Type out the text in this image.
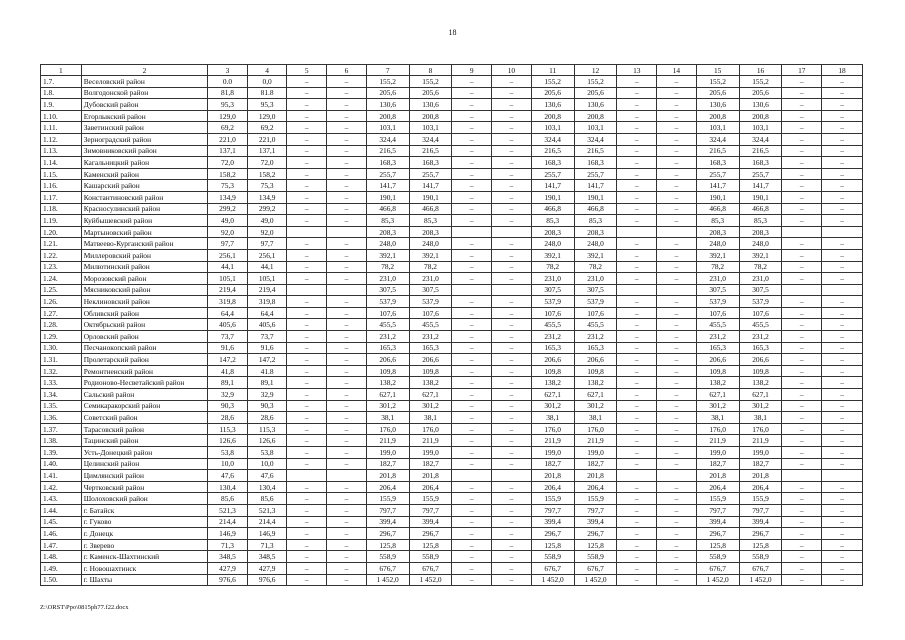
18
1	2	3	4	5	6	7	8	9	10	11	12	13	14	15	16	17	18
1.7.	Веселовский район	0.0	0,0	–	–	155,2	155,2	–	–	155,2	155,2	–	–	155,2	155,2	–	–
1.8.	Волгодонской район	81,8	81.8	–	–	205,6	205,6	–	–	205,6	205,6	–	–	205,6	205,6	–	–
1.9.	Дубовский район	95,3	95,3	–	–	130,6	130,6	–	–	130,6	130,6	–	–	130,6	130,6	–	–
1.10.	Егорлыкский район	129,0	129,0	–	–	200,8	200,8	–	–	200,8	200,8	–	–	200,8	200,8	–	–
1.11.	Заветинский район	69,2	69,2	–	–	103,1	103,1	–	–	103,1	103,1	–	–	103,1	103,1	–	–
1.12.	Зерноградский район	221,0	221,0	–	–	324,4	324,4	–	–	324,4	324,4	–	–	324,4	324,4	–	–
1.13.	Зимовниковский район	137,1	137,1	–	–	216,5	216,5	–	–	216,5	216,5	–	–	216,5	216,5	–	–
1.14.	Кагальницкий район	72,0	72,0	–	–	168,3	168,3	–	–	168,3	168,3	–	–	168,3	168,3	–	–
1.15.	Каменский район	158,2	158,2	–	–	255,7	255,7	–	–	255,7	255,7	–	–	255,7	255,7	–	–
1.16.	Кашарский район	75,3	75,3	–	–	141,7	141,7	–	–	141,7	141,7	–	–	141,7	141,7	–	–
1.17.	Константиновский район	134,9	134,9	–	–	190,1	190,1	–	–	190,1	190,1	–	–	190,1	190,1	–	–
1.18.	Красносулинский район	299,2	299,2	–	–	466,8	466,8	–	–	466,8	466,8	–	–	466,8	466,8	–	–
1.19.	Куйбышевский район	49,0	49,0	–	–	85,3	85,3	–	–	85,3	85,3	–	–	85,3	85,3	–	–
1.20.	Мартыновский район	92,0	92,0			208,3	208,3			208,3	208,3			208,3	208,3		
1.21.	Матвеево-Курганский район	97,7	97,7	–	–	248,0	248,0	–	–	248,0	248,0	–	–	248,0	248,0	–	–
1.22.	Миллеровский район	256,1	256,1	–	–	392,1	392,1	–	–	392,1	392,1	–	–	392,1	392,1	–	–
1.23.	Милютинский район	44,1	44,1	–	–	78,2	78,2	–	–	78,2	78,2	–	–	78,2	78,2	–	–
1.24.	Морозовский район	105,1	105,1	–	–	231,0	231,0	–	–	231,0	231,0	–	–	231,0	231,0	–	–
1.25.	Мясниковский район	219,4	219,4			307,5	307,5			307,5	307,5			307,5	307,5		
1.26.	Неклиновский район	319,8	319,8	–	–	537,9	537,9	–	–	537,9	537,9	–	–	537,9	537,9	–	–
1.27.	Обливский район	64,4	64,4	–	–	107,6	107,6	–	–	107,6	107,6	–	–	107,6	107,6	–	–
1.28.	Октябрьский район	405,6	405,6	–	–	455,5	455,5	–	–	455,5	455,5	–	–	455,5	455,5	–	–
1.29.	Орловский район	73,7	73,7	–	–	231,2	231,2	–	–	231,2	231,2	–	–	231,2	231,2	–	–
1.30.	Песчанокопский район	91,6	91,6	–	–	165,3	165,3	–	–	165,3	165,3	–	–	165,3	165,3	–	–
1.31.	Пролетарский район	147,2	147,2	–	–	206,6	206,6	–	–	206,6	206,6	–	–	206,6	206,6	–	–
1.32.	Ремонтненский район	41,8	41.8	–	–	109,8	109,8	–	–	109,8	109,8	–	–	109,8	109,8	–	–
1.33.	Родионово-Несветайский район	89,1	89,1	–	–	138,2	138,2	–	–	138,2	138,2	–	–	138,2	138,2	–	–
1.34.	Сальский район	32,9	32,9	–	–	627,1	627,1	–	–	627,1	627,1	–	–	627,1	627,1	–	–
1.35.	Семикаракорский район	90,3	90,3	–	–	301,2	301,2	–	–	301,2	301,2	–	–	301,2	301,2	–	–
1.36.	Советский район	28,6	28,6	–	–	38,1	38,1	–	–	38,1	38,1	–	–	38,1	38,1	–	–
1.37.	Тарасовский район	115,3	115,3	–	–	176,0	176,0	–	–	176,0	176,0	–	–	176,0	176,0	–	–
1.38.	Тацинский район	126,6	126,6	–	–	211,9	211,9	–	–	211,9	211,9	–	–	211,9	211,9	–	–
1.39.	Усть-Донецкий район	53,8	53,8	–	–	199,0	199,0	–	–	199,0	199,0	–	–	199,0	199,0	–	–
1.40.	Целинский район	10,0	10,0	–	–	182,7	182,7	–	–	182,7	182,7	–	–	182,7	182,7	–	–
1.41.	Цимлянский район	47,6	47,6			201,8	201,8			201,8	201,8			201,8	201,8		
1.42.	Чертковский район	130,4	130,4	–	–	206,4	206,4	–	–	206,4	206,4	–	–	206,4	206,4	–	–
1.43.	Шолоховский район	85,6	85,6	–	–	155,9	155,9	–	–	155,9	155,9	–	–	155,9	155,9	–	–
1.44.	г. Батайск	521,3	521,3	–	–	797,7	797,7	–	–	797,7	797,7	–	–	797,7	797,7	–	–
1.45.	г. Гуково	214,4	214,4	–	–	399,4	399,4	–	–	399,4	399,4	–	–	399,4	399,4	–	–
1.46.	г. Донецк	146,9	146,9	–	–	296,7	296,7	–	–	296,7	296,7	–	–	296,7	296,7	–	–
1.47.	г. Зверево	71,3	71,3	–	–	125,8	125,8	–	–	125,8	125,8	–	–	125,8	125,8	–	–
1.48.	г. Каменск-Шахтинский	348,5	348,5	–	–	558,9	558,9	–	–	558,9	558,9	–	–	558,9	558,9	–	–
1.49.	г. Новошахтинск	427,9	427,9	–	–	676,7	676,7	–	–	676,7	676,7	–	–	676,7	676,7	–	–
1.50.	г. Шахты	976,6	976,6	–	–	1 452,0	1 452,0	–	–	1 452,0	1 452,0	–	–	1 452,0	1 452,0	–	–
Z:\ORST\Ppo\0815ph77.f22.docx
